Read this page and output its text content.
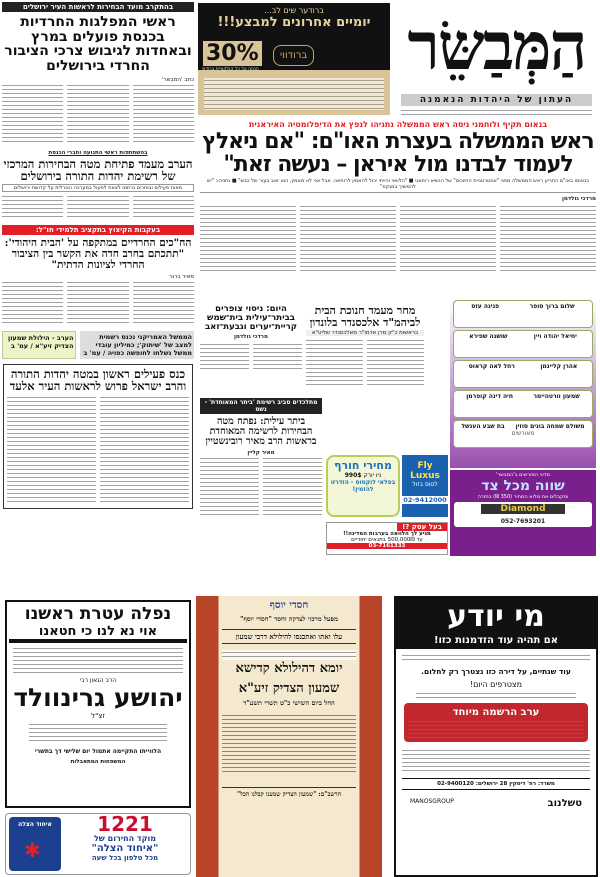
הַמְּבַשֵּׂר
העתון של היהדות הנאמנה
ברודער שים לב...
יומיים אחרונים למבצע!!!
30%
הנחה על כל קולקציית ברודווי
ברודווי
בנאום תקיף ולוחמני ניסה ראש הממשלה נתניהו לנפץ את הדיפלומטיה האיראנית
ראש הממשלה בעצרת האו"ם: "אם ניאלץ לעמוד לבדנו מול איראן – נעשה זאת"
בנאומו באו"ם התריע ראש הממשלה מפני "אסטרטגיית החיוכים" של הנשיא רוחאני ■ "הלוואי והייתי יכול להאמין לרוחאני, אבל אני לא מאמין, הוא זאב בעור של כבש" ■ נתניהו: "יש להמשיך במנקס"
מרדכי גולדמן
בהתקרב מועד הבחירות לראשות העיר ירושלים
ראשי המפלגות החרדיות בכנסת פועלים במרץ ובאחדות לגיבוש צרכי הציבור החרדי בירושלים
כתב 'המבשר'
בהשתתפות ראשי התנועה וחברי הכנסת
הערב מעמד פתיחת מטה הבחירות המרכזי של רשימת יהדות התורה בירושלים
מאות פעילים ובוחרים נרתמו לצאת לפעול במערכה הגורלית על קדושת ירושלים
בעקבות הקיצוץ בתקציב תלמידי חו"ל:
הח"כים החרדיים במתקפה על 'הבית היהודי': "תתכתם בחרב חדה את הקשר בין הציבור החרדי לציונות הדתית"
מאיר ברנר
הממשל האמריקני נכנס רשמית למצב של 'שיתוק'; כמיליון עובדי ממשל נשלחו לחופשה כפויה / עמ' ב
הערב - הילולת שמעון הצדיק זיע"א / עמ' ב
כנס פעילים ראשון במטה יהדות התורה והרב ישראל פרוש לראשות העיר אלעד
היום: ניסוי צופרים בביתר־עילית בית־שמש קריית־יערים וגבעת־זאב
מרדכי גולדמן
מחר מעמד חנוכת הבית לביהמ"ד אלכסנדר בלונדון
בראשות כ"ק מרן אדמו"ר מאלכסנדר שליט"א
מתלכדים סביב רשימת 'ביתר המאוחדת' - נשס
ביתר עילית: נפתח מטה הבחירות לרשימה המאוחדת בראשות הרב מאיר רובינשטיין
מאיר קליין
מחירי חורף
ניו יורק 990$
בפלאי לוקסוס - הזדרזו להזמין!
Fly Luxus
לטוס בזול
02-9412000
בעל עסק ?!
מגיע לך הלוואה בערבות המדינה!!
עד 500,000₪ בתנאים יחודיים
03-7161333
שלום ברוך סופר
פנינה עזס
יחיאל יהודה ויין
שושנה שפירא
אהרן קליינמן
רחל לאה קראוס
שמעון וורטהיימר
חיה דינה קופרמן
משולם שמחה בונים סוזין
בת שבע הענשל
מאורשים
מדיני המורשים ב'המבשר'
שווה מכל צד
ומקבלים את מלוא המחיר (350 ₪) בחזרה
Diamond
052-7693201
נפלה עטרת ראשנו
אוי נא לנו כי חטאנו
הרב הגאון רבי
יהושע גרינוולד
זצ"ל
הלווייתו התקיימה אתמול יום שלישי דך בתשרי
המשפחות המתאבלות
איחוד הצלה
✱
1221
מוקד החירום של
"איחוד הצלה"
מכל טלפון בכל שעה
חסדי יוסף
מפעל מרכזי לצדקה וחסד "חסדי יוסף"
עלו ואתו ואתכנסו להילולא דרבי שמעון
יומא דהילולא קדישא
שמעון הצדיק זיע"א
החל ביום השישי כ"ט תשרי תשע"ד
הרשב"ם: "שמעון הצדיק שמענו קבלנו הכל"
מי יודע
אם תהיה עוד הזדמנות כזו!
עוד שנתיים, על דירה כזו נצטרך רק לחלום.
מצטרפים היום!
ערב הרשמה מיוחד
משרד: רח' דיסקין 28 ירושלים: 02-9400120
טשלנוב
MANOSGROUP
